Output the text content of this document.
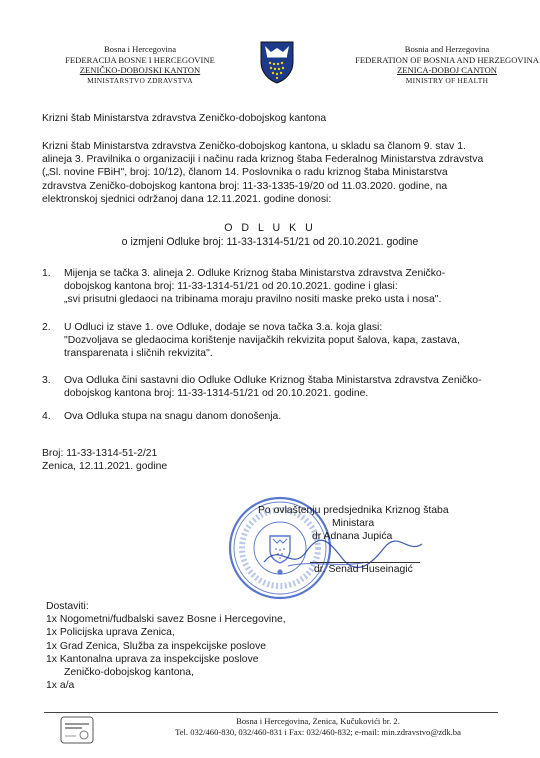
Bosna i Hercegovina
FEDERACIJA BOSNE I HERCEGOVINE
ZENIČKO-DOBOJSKI KANTON
MINISTARSTVO ZDRAVSTVA
Bosnia and Herzegovina
FEDERATION OF BOSNIA AND HERZEGOVINA
ZENICA-DOBOJ CANTON
MINISTRY OF HEALTH
Krizni štab Ministarstva zdravstva Zeničko-dobojskog kantona
Krizni štab Ministarstva zdravstva Zeničko-dobojskog kantona, u skladu sa članom 9. stav 1.
alineja 3. Pravilnika o organizaciji i načinu rada kriznog štaba Federalnog Ministarstva zdravstva
(„Sl. novine FBiH", broj: 10/12), članom 14. Poslovnika o radu kriznog štaba Ministarstva
zdravstva Zeničko-dobojskog kantona broj: 11-33-1335-19/20 od 11.03.2020. godine, na
elektronskoj sjednici održanoj dana 12.11.2021. godine donosi:
O D L U K U
o izmjeni Odluke broj: 11-33-1314-51/21 od 20.10.2021. godine
1. Mijenja se tačka 3. alineja 2. Odluke Kriznog štaba Ministarstva zdravstva Zeničko-
dobojskog kantona broj: 11-33-1314-51/21 od 20.10.2021. godine i glasi:
„svi prisutni gledaoci na tribinama moraju pravilno nositi maske preko usta i nosa".
2. U Odluci iz stave 1. ove Odluke, dodaje se nova tačka 3.a. koja glasi:
"Dozvoljava se gledaocima korištenje navijačkih rekvizita poput šalova, kapa, zastava,
transparenata i sličnih rekvizita".
3. Ova Odluka čini sastavni dio Odluke Odluke Kriznog štaba Ministarstva zdravstva Zeničko-
dobojskog kantona broj: 11-33-1314-51/21 od 20.10.2021. godine.
4. Ova Odluka stupa na snagu danom donošenja.
Broj: 11-33-1314-51-2/21
Zenica, 12.11.2021. godine
Po ovlaštenju predsjednika Kriznog štaba
Ministara
dr Adnana Jupića
dr. Senad Huseinagić
Dostaviti:
1x Nogometni/fudbalski savez Bosne i Hercegovine,
1x Policijska uprava Zenica,
1x Grad Zenica, Služba za inspekcijske poslove
1x Kantonalna uprava za inspekcijske poslove
Zeničko-dobojskog kantona,
1x a/a
Bosna i Hercegovina, Zenica, Kučukovići br. 2.
Tel. 032/460-830, 032/460-831 i Fax: 032/460-832; e-mail: min.zdravstvo@zdk.ba
